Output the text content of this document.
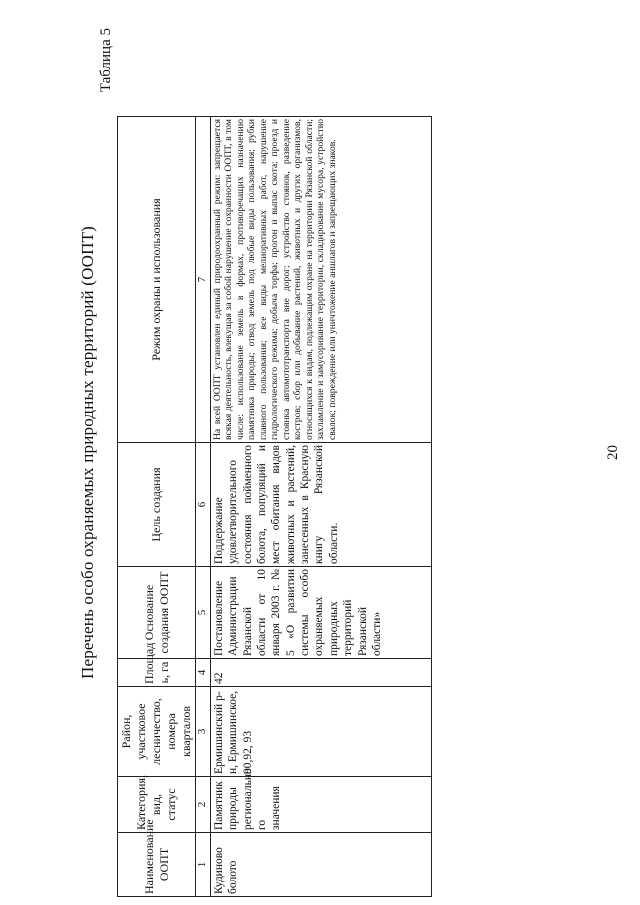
Перечень особо охраняемых природных территорий (ООПТ)
Таблица 5
Наименование ООПТ	Категория, вид, статус	Район, участковое лесничество, номера кварталов	Площад ь, га	Основание создания ООПТ	Цель создания	Режим охраны и использования
1	2	3	4	5	6	7
Кудиново болото	Памятник природы регионально го значения	Ермишинский р-н, Ермишинское, 90,92, 93	42	Постановление Администрации Рязанской области от 10 января 2003 г. № 5 «О развитии системы особо охраняемых природных территорий Рязанской области»	Поддержание удовлетворительного состояния пойменного болота, популяций и мест обитания видов животных и растений, занесенных в Красную книгу Рязанской области.	На всей ООПТ установлен единый природоохранный режим: запрещается всякая деятельность, влекущая за собой нарушение сохранности ООПТ, в том числе: использование земель в формах, противоречащих назначению памятника природы; отвод земель под любые виды пользования; рубки главного пользования; все виды мелиоративных работ, нарушение гидрологического режима; добыча торфа; прогон и выпас скота; проезд и стоянка автомототранспорта вне дорог; устройство стоянок, разведение костров; сбор или добывание растений, животных и других организмов, относящихся к видам, подлежащим охране на территории Рязанской области; захламление и замусоривание территории, складирование мусора, устройство свалок; повреждение или уничтожение аншлагов и запрещающих знаков.
20
